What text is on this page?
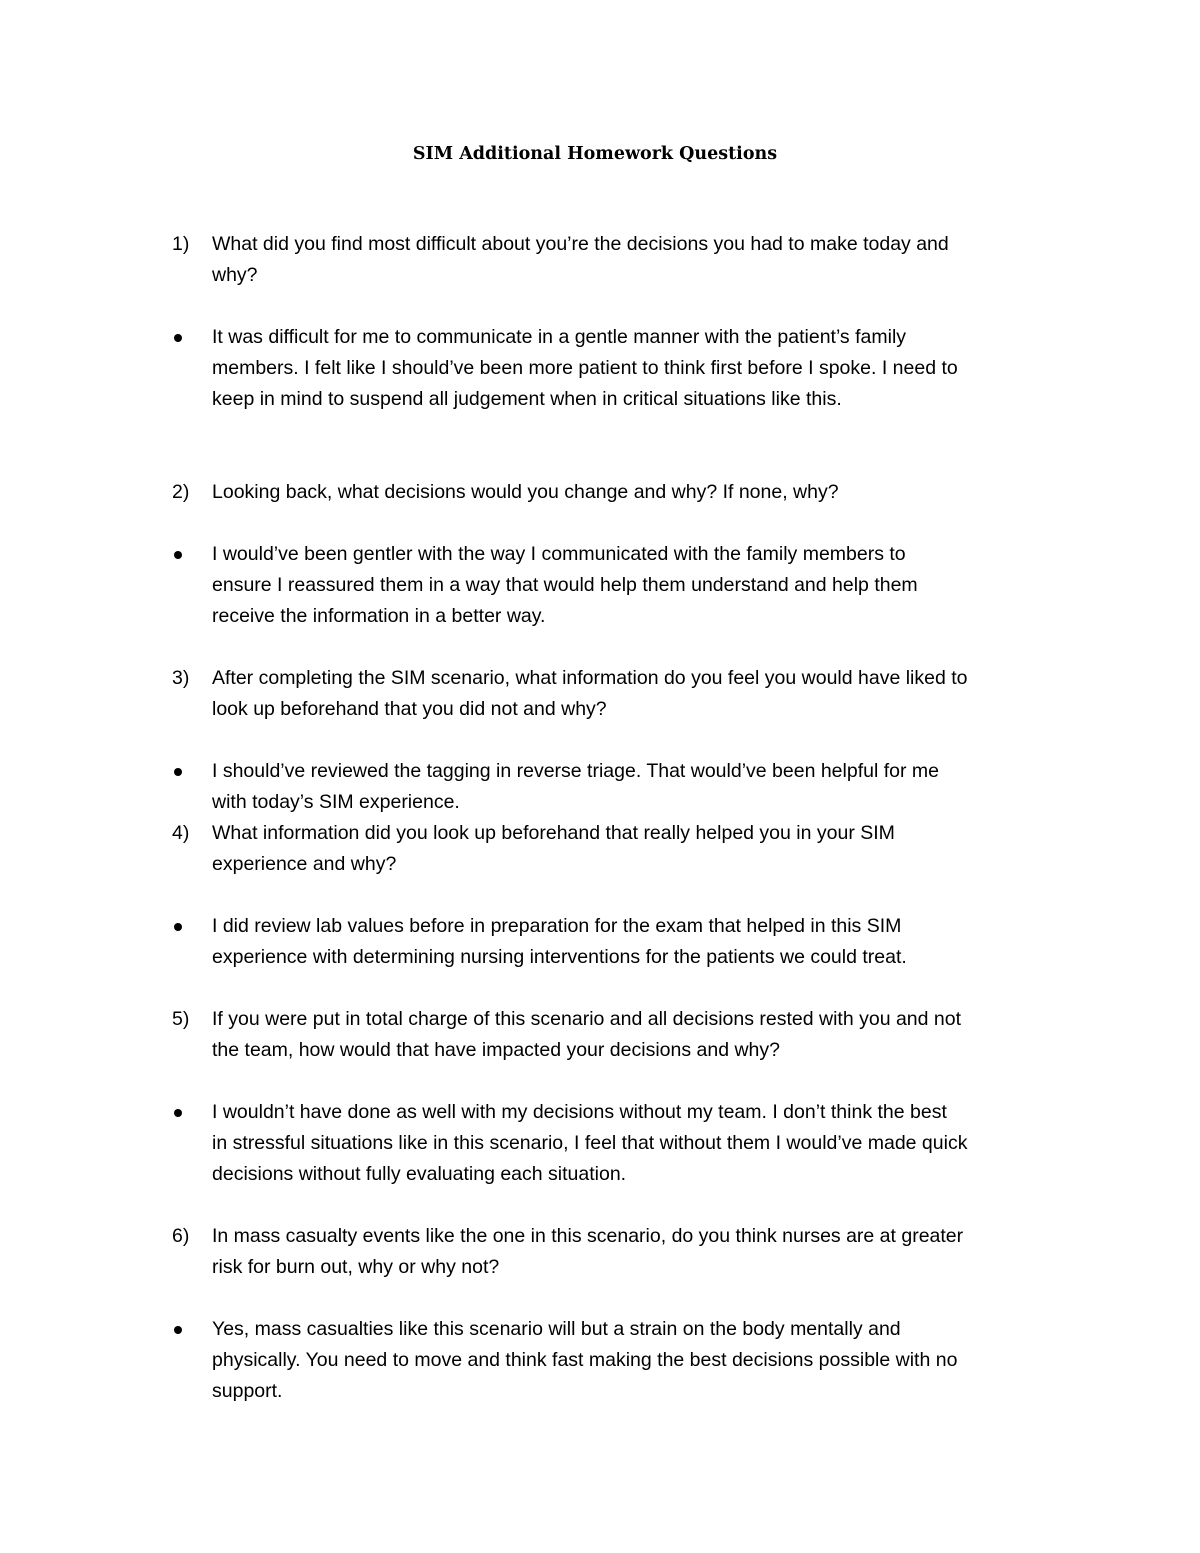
SIM Additional Homework Questions
1)	What did you find most difficult about you’re the decisions you had to make today and
why?
It was difficult for me to communicate in a gentle manner with the patient’s family
members. I felt like I should’ve been more patient to think first before I spoke. I need to
keep in mind to suspend all judgement when in critical situations like this.
2)	Looking back, what decisions would you change and why? If none, why?
I would’ve been gentler with the way I communicated with the family members to
ensure I reassured them in a way that would help them understand and help them
receive the information in a better way.
3)	After completing the SIM scenario, what information do you feel you would have liked to
look up beforehand that you did not and why?
I should’ve reviewed the tagging in reverse triage. That would’ve been helpful for me
with today’s SIM experience.
4)	What information did you look up beforehand that really helped you in your SIM
experience and why?
I did review lab values before in preparation for the exam that helped in this SIM
experience with determining nursing interventions for the patients we could treat.
5)	If you were put in total charge of this scenario and all decisions rested with you and not
the team, how would that have impacted your decisions and why?
I wouldn’t have done as well with my decisions without my team. I don’t think the best
in stressful situations like in this scenario, I feel that without them I would’ve made quick
decisions without fully evaluating each situation.
6)	In mass casualty events like the one in this scenario, do you think nurses are at greater
risk for burn out, why or why not?
Yes, mass casualties like this scenario will but a strain on the body mentally and
physically. You need to move and think fast making the best decisions possible with no
support.
